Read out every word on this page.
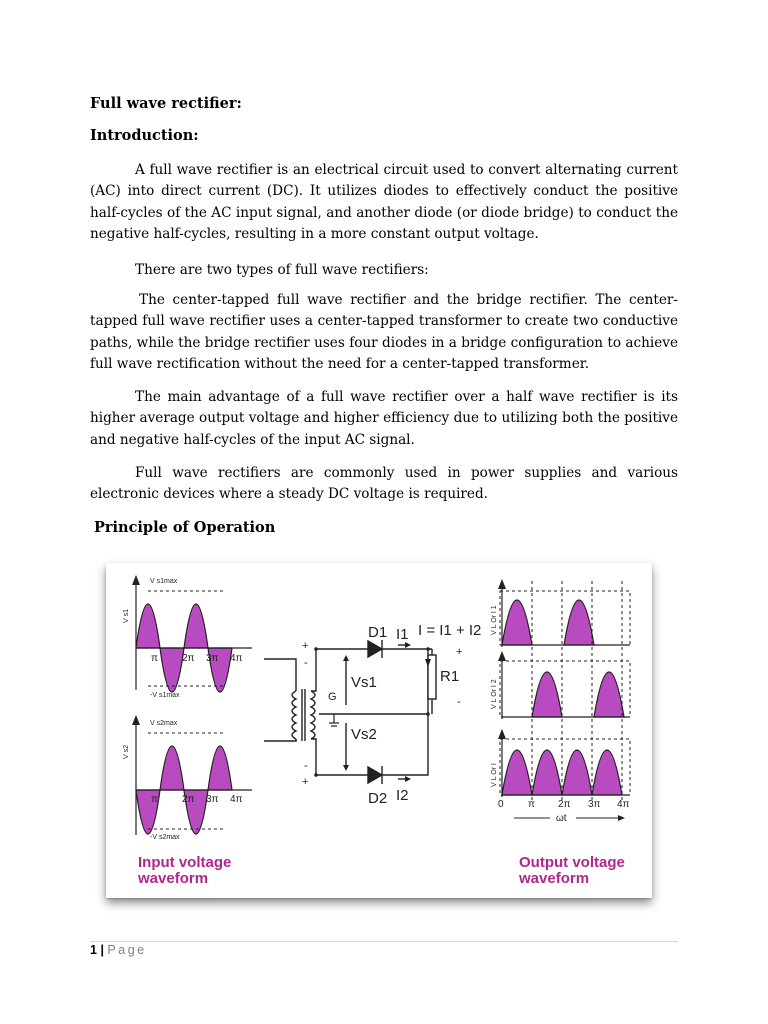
Full wave rectifier:
Introduction:
A full wave rectifier is an electrical circuit used to convert alternating current (AC) into direct current (DC). It utilizes diodes to effectively conduct the positive half-cycles of the AC input signal, and another diode (or diode bridge) to conduct the negative half-cycles, resulting in a more constant output voltage.
There are two types of full wave rectifiers:
The center-tapped full wave rectifier and the bridge rectifier. The center-tapped full wave rectifier uses a center-tapped transformer to create two conductive paths, while the bridge rectifier uses four diodes in a bridge configuration to achieve full wave rectification without the need for a center-tapped transformer.
The main advantage of a full wave rectifier over a half wave rectifier is its higher average output voltage and higher efficiency due to utilizing both the positive and negative half-cycles of the input AC signal.
Full wave rectifiers are commonly used in power supplies and various electronic devices where a steady DC voltage is required.
Principle of Operation
V s1
V s1max
-V s1max
V s2
V s2max
-V s2max
π 2π 3π 4π
π 2π 3π 4π
D1
D2
I1
I2
I = I1 + I2
R1
Vs1
Vs2
G
+
-
-
+
+
-
V L Or I 1
V L Or I 2
V L Or I
0 π 2π 3π 4π
ωt
Input voltage waveform
Output voltage waveform
1 | Page
